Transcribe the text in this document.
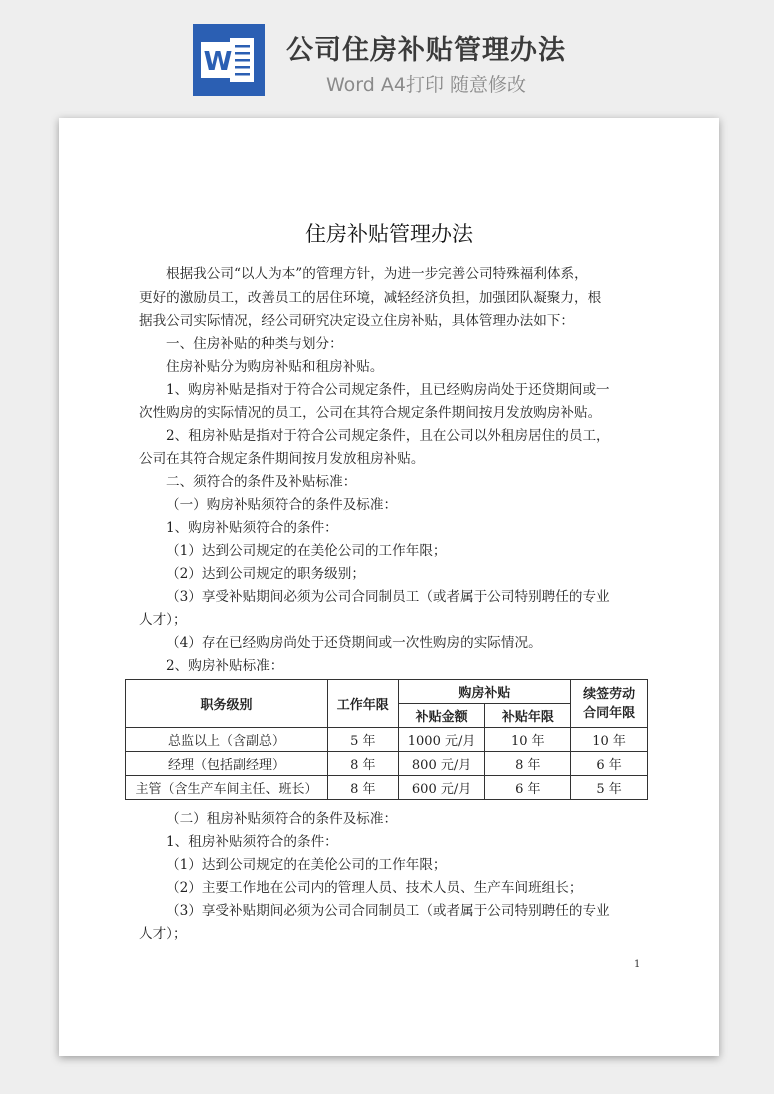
W 公司住房补贴管理办法
Word A4打印 随意修改
住房补贴管理办法
根据我公司“以人为本”的管理方针，为进一步完善公司特殊福利体系，
更好的激励员工，改善员工的居住环境，减轻经济负担，加强团队凝聚力，根
据我公司实际情况，经公司研究决定设立住房补贴，具体管理办法如下：
一、住房补贴的种类与划分：
住房补贴分为购房补贴和租房补贴。
1、购房补贴是指对于符合公司规定条件，且已经购房尚处于还贷期间或一
次性购房的实际情况的员工，公司在其符合规定条件期间按月发放购房补贴。
2、租房补贴是指对于符合公司规定条件，且在公司以外租房居住的员工，
公司在其符合规定条件期间按月发放租房补贴。
二、须符合的条件及补贴标准：
（一）购房补贴须符合的条件及标准：
1、购房补贴须符合的条件：
（1）达到公司规定的在美伦公司的工作年限；
（2）达到公司规定的职务级别；
（3）享受补贴期间必须为公司合同制员工（或者属于公司特别聘任的专业
人才）；
（4）存在已经购房尚处于还贷期间或一次性购房的实际情况。
2、购房补贴标准：
职务级别	工作年限	购房补贴		续签劳动合同年限
		补贴金额	补贴年限	
总监以上（含副总）	5 年	1000 元/月	10 年	10 年
经理（包括副经理）	8 年	800 元/月	8 年	6 年
主管（含生产车间主任、班长）	8 年	600 元/月	6 年	5 年
（二）租房补贴须符合的条件及标准：
1、租房补贴须符合的条件：
（1）达到公司规定的在美伦公司的工作年限；
（2）主要工作地在公司内的管理人员、技术人员、生产车间班组长；
（3）享受补贴期间必须为公司合同制员工（或者属于公司特别聘任的专业
人才）；
1
